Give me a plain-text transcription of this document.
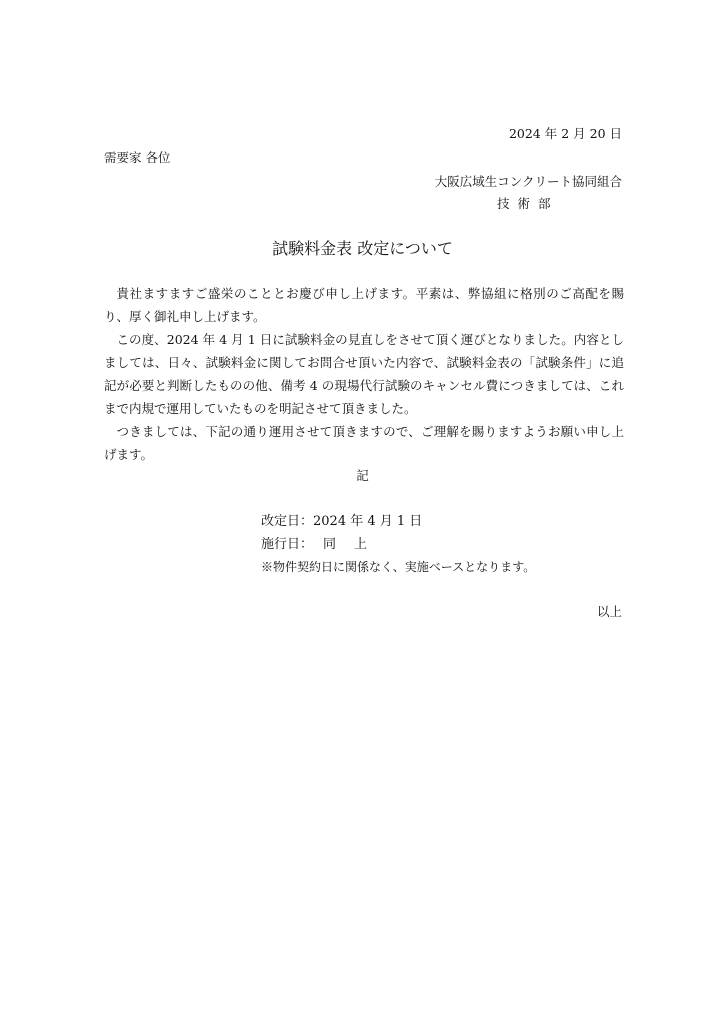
2024 年 2 月 20 日
需要家 各位
大阪広域生コンクリート協同組合
技術部
試験料金表 改定について

貴社ますますご盛栄のこととお慶び申し上げます。平素は、弊協組に格別のご高配を賜り、厚く御礼申し上げます。

この度、2024 年 4 月 1 日に試験料金の見直しをさせて頂く運びとなりました。内容としましては、日々、試験料金に関してお問合せ頂いた内容で、試験料金表の「試験条件」に追記が必要と判断したものの他、備考 4 の現場代行試験のキャンセル費につきましては、これまで内規で運用していたものを明記させて頂きました。

つきましては、下記の通り運用させて頂きますので、ご理解を賜りますようお願い申し上げます。

記
改定日：2024 年 4 月 1 日
施行日： 同上
※物件契約日に関係なく、実施ベースとなります。
以上
